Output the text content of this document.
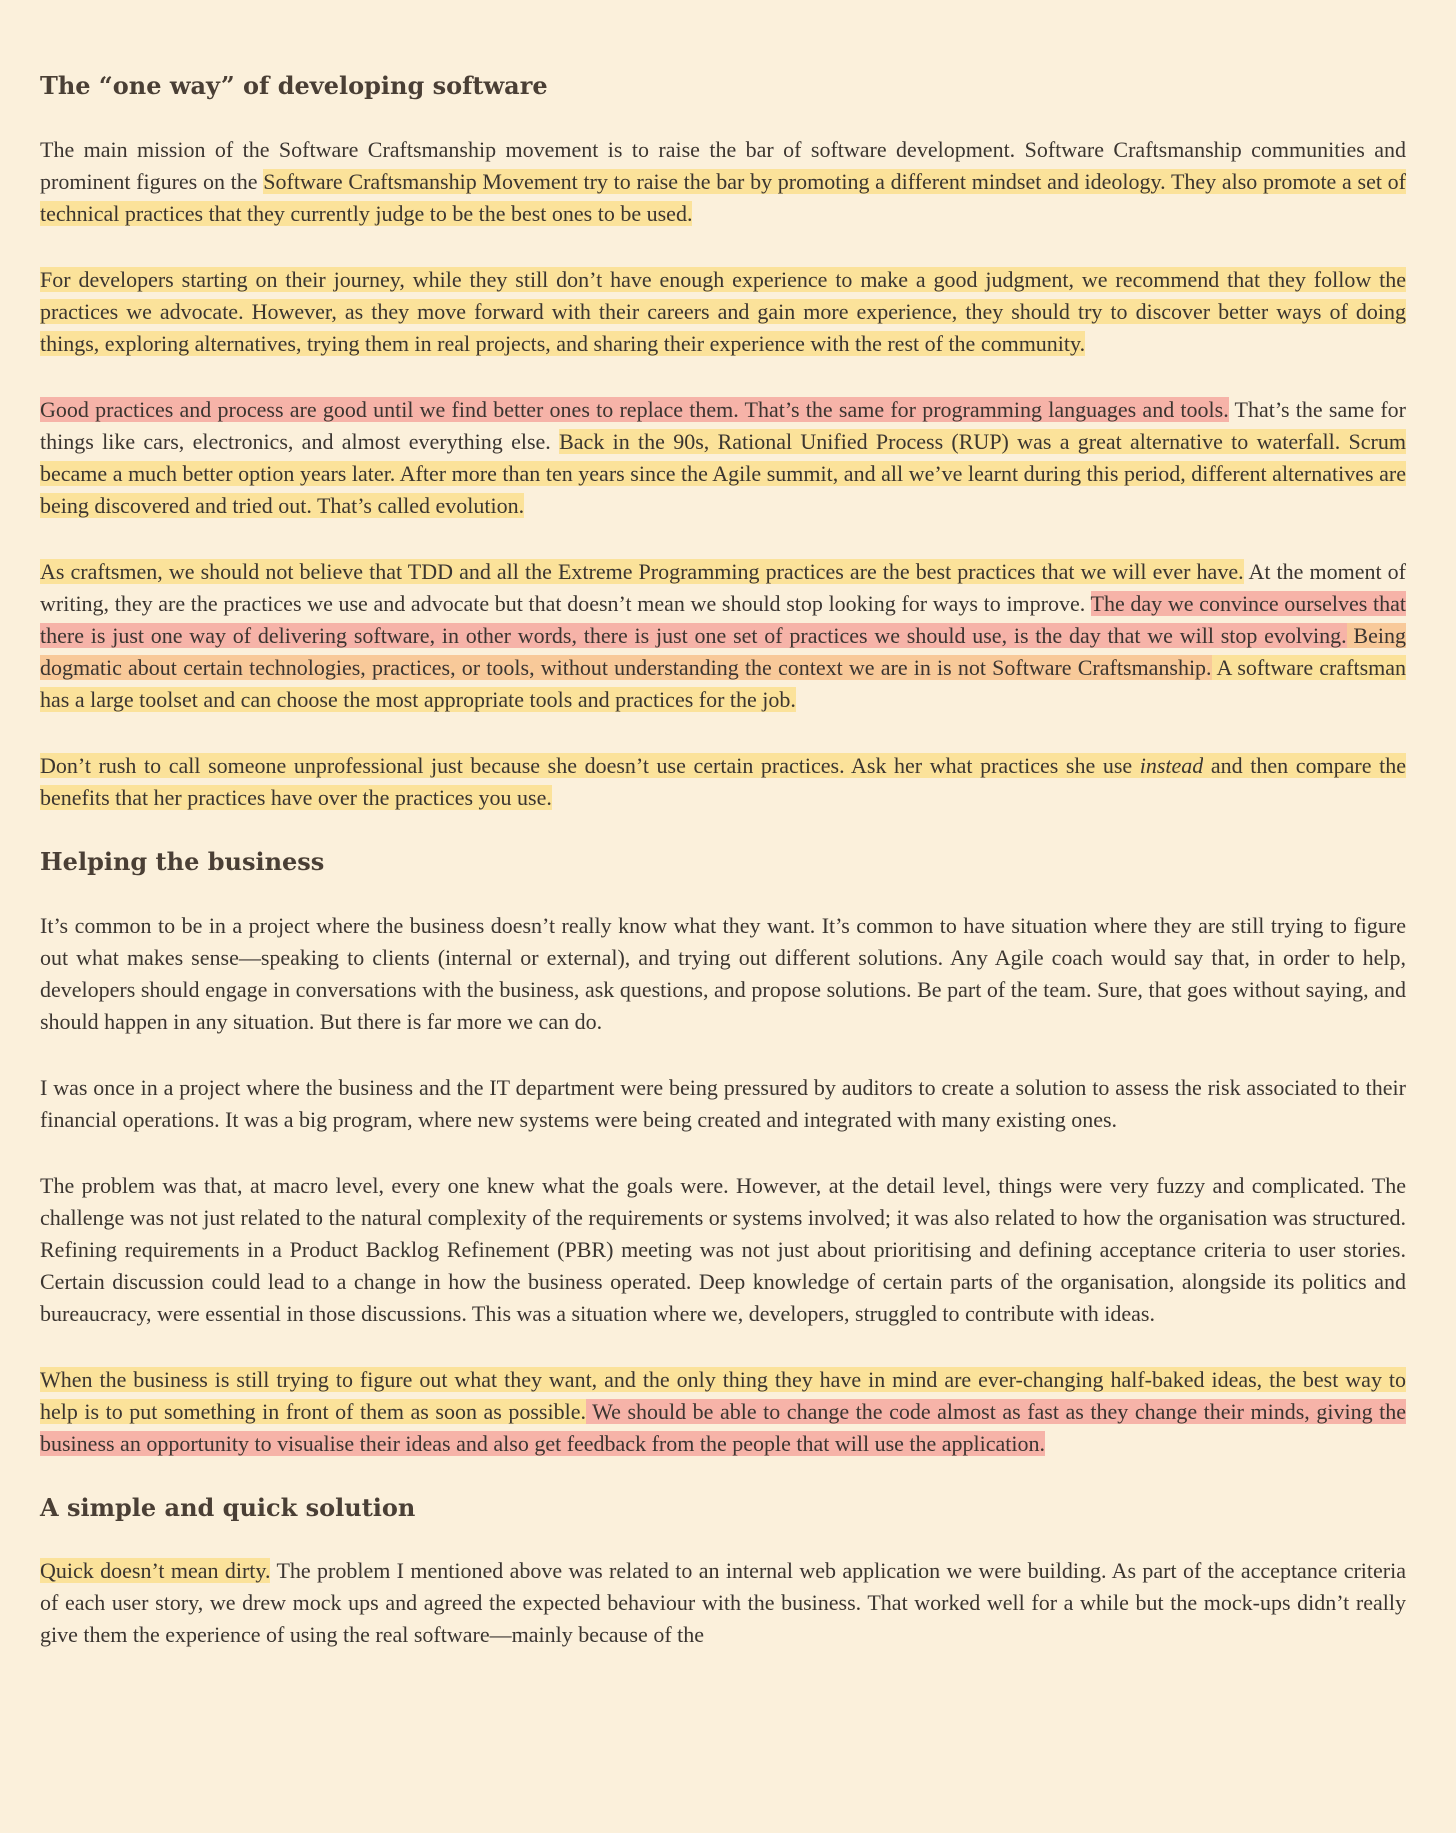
The “one way” of developing software

The main mission of the Software Craftsmanship movement is to raise the bar of software development. Software Craftsmanship communities and prominent figures on the Software Craftsmanship Movement try to raise the bar by promoting a different mindset and ideology. They also promote a set of technical practices that they currently judge to be the best ones to be used.

For developers starting on their journey, while they still don’t have enough experience to make a good judgment, we recommend that they follow the practices we advocate. However, as they move forward with their careers and gain more experience, they should try to discover better ways of doing things, exploring alternatives, trying them in real projects, and sharing their experience with the rest of the community.

Good practices and process are good until we find better ones to replace them. That’s the same for programming languages and tools. That’s the same for things like cars, electronics, and almost everything else. Back in the 90s, Rational Unified Process (RUP) was a great alternative to waterfall. Scrum became a much better option years later. After more than ten years since the Agile summit, and all we’ve learnt during this period, different alternatives are being discovered and tried out. That’s called evolution.

As craftsmen, we should not believe that TDD and all the Extreme Programming practices are the best practices that we will ever have. At the moment of writing, they are the practices we use and advocate but that doesn’t mean we should stop looking for ways to improve. The day we convince ourselves that there is just one way of delivering software, in other words, there is just one set of practices we should use, is the day that we will stop evolving. Being dogmatic about certain technologies, practices, or tools, without understanding the context we are in is not Software Craftsmanship. A software craftsman has a large toolset and can choose the most appropriate tools and practices for the job.

Don’t rush to call someone unprofessional just because she doesn’t use certain practices. Ask her what practices she use instead and then compare the benefits that her practices have over the practices you use.

Helping the business

It’s common to be in a project where the business doesn’t really know what they want. It’s common to have situation where they are still trying to figure out what makes sense—speaking to clients (internal or external), and trying out different solutions. Any Agile coach would say that, in order to help, developers should engage in conversations with the business, ask questions, and propose solutions. Be part of the team. Sure, that goes without saying, and should happen in any situation. But there is far more we can do.

I was once in a project where the business and the IT department were being pressured by auditors to create a solution to assess the risk associated to their financial operations. It was a big program, where new systems were being created and integrated with many existing ones.

The problem was that, at macro level, every one knew what the goals were. However, at the detail level, things were very fuzzy and complicated. The challenge was not just related to the natural complexity of the requirements or systems involved; it was also related to how the organisation was structured. Refining requirements in a Product Backlog Refinement (PBR) meeting was not just about prioritising and defining acceptance criteria to user stories. Certain discussion could lead to a change in how the business operated. Deep knowledge of certain parts of the organisation, alongside its politics and bureaucracy, were essential in those discussions. This was a situation where we, developers, struggled to contribute with ideas.

When the business is still trying to figure out what they want, and the only thing they have in mind are ever-changing half-baked ideas, the best way to help is to put something in front of them as soon as possible. We should be able to change the code almost as fast as they change their minds, giving the business an opportunity to visualise their ideas and also get feedback from the people that will use the application.

A simple and quick solution

Quick doesn’t mean dirty. The problem I mentioned above was related to an internal web application we were building. As part of the acceptance criteria of each user story, we drew mock ups and agreed the expected behaviour with the business. That worked well for a while but the mock-ups didn’t really give them the experience of using the real software—mainly because of the
